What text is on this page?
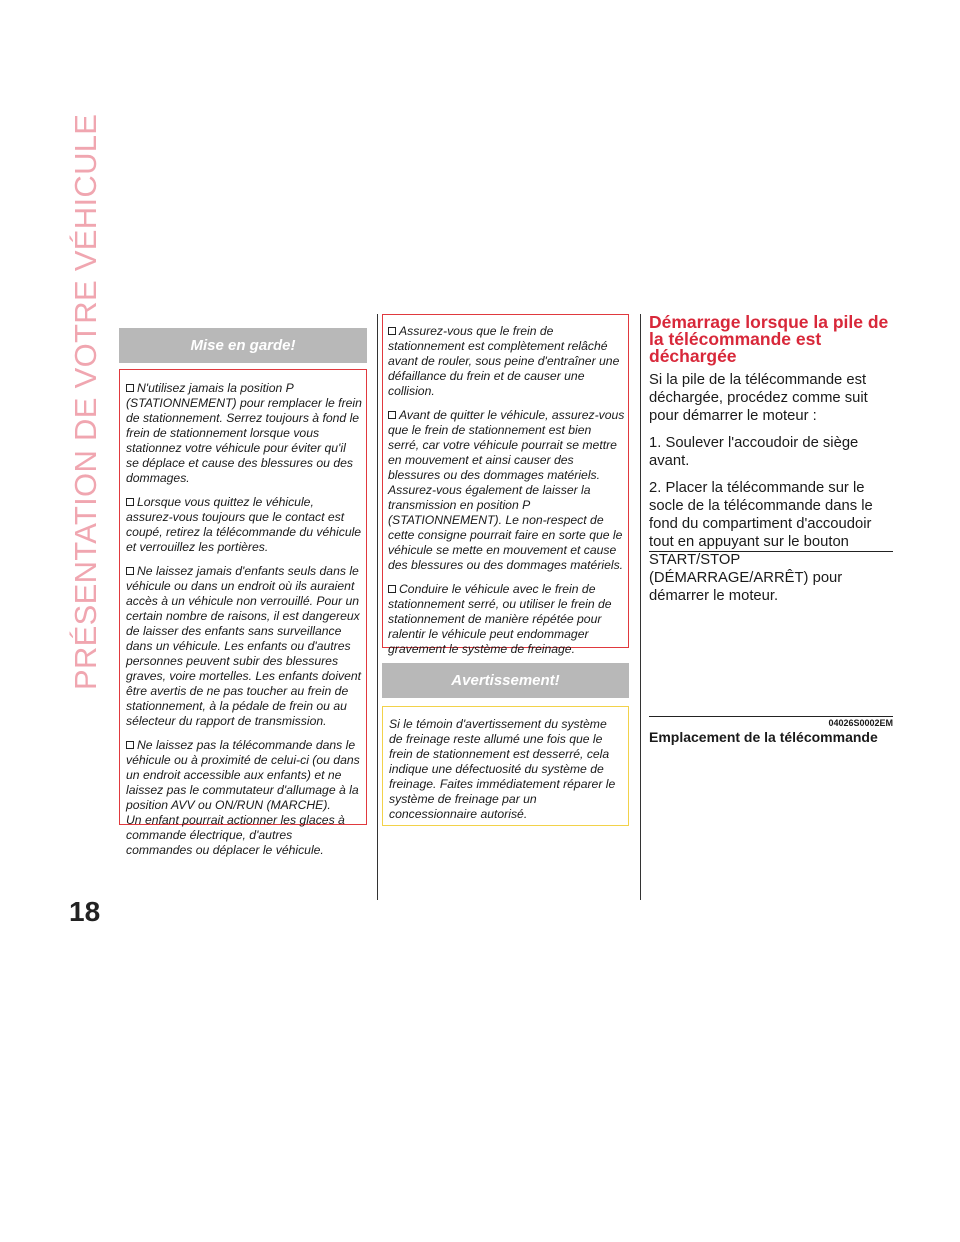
PRÉSENTATION DE VOTRE VÉHICULE
18
Mise en garde!

N'utilisez jamais la position P (STATIONNEMENT) pour remplacer le frein de stationnement. Serrez toujours à fond le frein de stationnement lorsque vous stationnez votre véhicule pour éviter qu'il se déplace et cause des blessures ou des dommages.

Lorsque vous quittez le véhicule, assurez-vous toujours que le contact est coupé, retirez la télécommande du véhicule et verrouillez les portières.

Ne laissez jamais d'enfants seuls dans le véhicule ou dans un endroit où ils auraient accès à un véhicule non verrouillé. Pour un certain nombre de raisons, il est dangereux de laisser des enfants sans surveillance dans un véhicule. Les enfants ou d'autres personnes peuvent subir des blessures graves, voire mortelles. Les enfants doivent être avertis de ne pas toucher au frein de stationnement, à la pédale de frein ou au sélecteur du rapport de transmission.

Ne laissez pas la télécommande dans le véhicule ou à proximité de celui-ci (ou dans un endroit accessible aux enfants) et ne laissez pas le commutateur d'allumage à la position AVV ou ON/RUN (MARCHE).
Un enfant pourrait actionner les glaces à commande électrique, d'autres commandes ou déplacer le véhicule.

Assurez-vous que le frein de stationnement est complètement relâché avant de rouler, sous peine d'entraîner une défaillance du frein et de causer une collision.

Avant de quitter le véhicule, assurez-vous que le frein de stationnement est bien serré, car votre véhicule pourrait se mettre en mouvement et ainsi causer des blessures ou des dommages matériels. Assurez-vous également de laisser la transmission en position P (STATIONNEMENT). Le non-respect de cette consigne pourrait faire en sorte que le véhicule se mette en mouvement et cause des blessures ou des dommages matériels.

Conduire le véhicule avec le frein de stationnement serré, ou utiliser le frein de stationnement de manière répétée pour ralentir le véhicule peut endommager gravement le système de freinage.

Avertissement!

Si le témoin d'avertissement du système de freinage reste allumé une fois que le frein de stationnement est desserré, cela indique une défectuosité du système de freinage. Faites immédiatement réparer le système de freinage par un concessionnaire autorisé.

Démarrage lorsque la pile de la télécommande est déchargée

Si la pile de la télécommande est déchargée, procédez comme suit pour démarrer le moteur :

1. Soulever l'accoudoir de siège avant.

2. Placer la télécommande sur le socle de la télécommande dans le fond du compartiment d'accoudoir tout en appuyant sur le bouton START/STOP (DÉMARRAGE/ARRÊT) pour démarrer le moteur.

04026S0002EM
Emplacement de la télécommande
